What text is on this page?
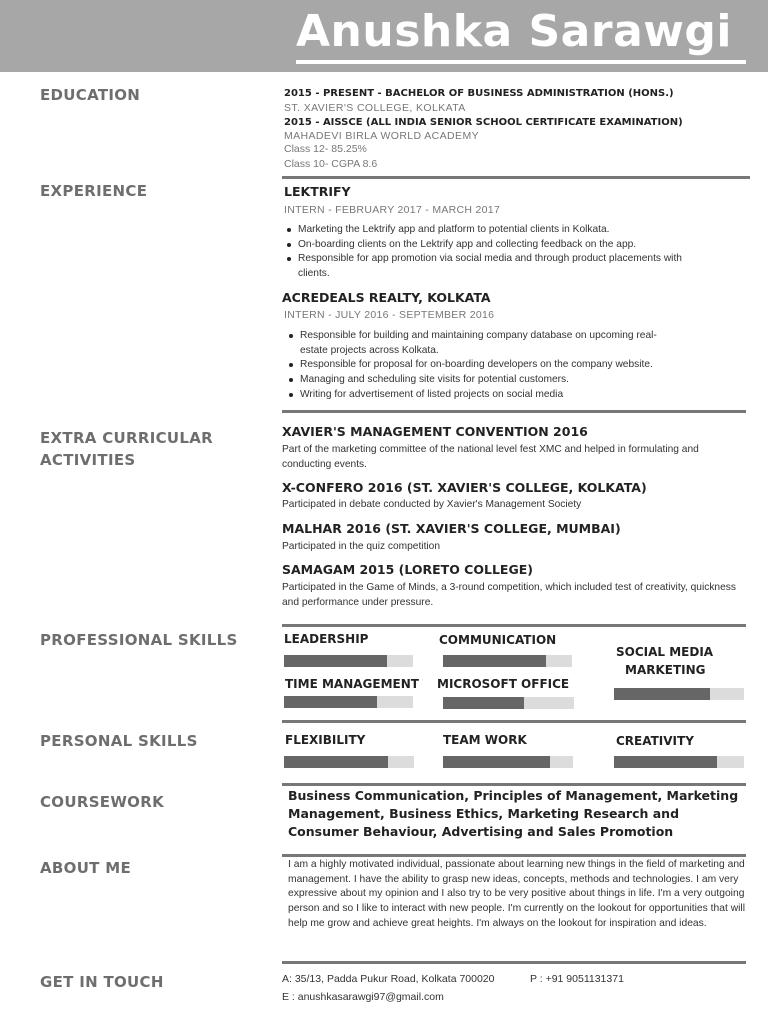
Anushka Sarawgi
EDUCATION
EXPERIENCE
EXTRA CURRICULAR
ACTIVITIES
PROFESSIONAL SKILLS
PERSONAL SKILLS
COURSEWORK
ABOUT ME
GET IN TOUCH
2015 - PRESENT - BACHELOR OF BUSINESS ADMINISTRATION (HONS.)
ST. XAVIER'S COLLEGE, KOLKATA
2015 - AISSCE (ALL INDIA SENIOR SCHOOL CERTIFICATE EXAMINATION)
MAHADEVI BIRLA WORLD ACADEMY
Class 12- 85.25%
Class 10- CGPA 8.6
LEKTRIFY
INTERN - FEBRUARY 2017 - MARCH 2017
Marketing the Lektrify app and platform to potential clients in Kolkata.
On-boarding clients on the Lektrify app and collecting feedback on the app.
Responsible for app promotion via social media and through product placements with
clients.
ACREDEALS REALTY, KOLKATA
INTERN - JULY 2016 - SEPTEMBER 2016
Responsible for building and maintaining company database on upcoming real-
estate projects across Kolkata.
Responsible for proposal for on-boarding developers on the company website.
Managing and scheduling site visits for potential customers.
Writing for advertisement of listed projects on social media
XAVIER'S MANAGEMENT CONVENTION 2016
Part of the marketing committee of the national level fest XMC and helped in formulating and conducting events.
X-CONFERO 2016 (ST. XAVIER'S COLLEGE, KOLKATA)
Participated in debate conducted by Xavier's Management Society
MALHAR 2016 (ST. XAVIER'S COLLEGE, MUMBAI)
Participated in the quiz competition
SAMAGAM 2015 (LORETO COLLEGE)
Participated in the Game of Minds, a 3-round competition, which included test of creativity, quickness and performance under pressure.
LEADERSHIP	COMMUNICATION
SOCIAL MEDIA
MARKETING
TIME MANAGEMENT MICROSOFT OFFICE
FLEXIBILITY	TEAM WORK	CREATIVITY
Business Communication, Principles of Management, Marketing Management, Business Ethics, Marketing Research and Consumer Behaviour, Advertising and Sales Promotion
I am a highly motivated individual, passionate about learning new things in the field of marketing and management. I have the ability to grasp new ideas, concepts, methods and technologies. I am very expressive about my opinion and I also try to be very positive about things in life. I'm a very outgoing person and so I like to interact with new people. I'm currently on the lookout for opportunities that will help me grow and achieve great heights. I'm always on the lookout for inspiration and ideas.
A: 35/13, Padda Pukur Road, Kolkata 700020	P : +91 9051131371
E : anushkasarawgi97@gmail.com
